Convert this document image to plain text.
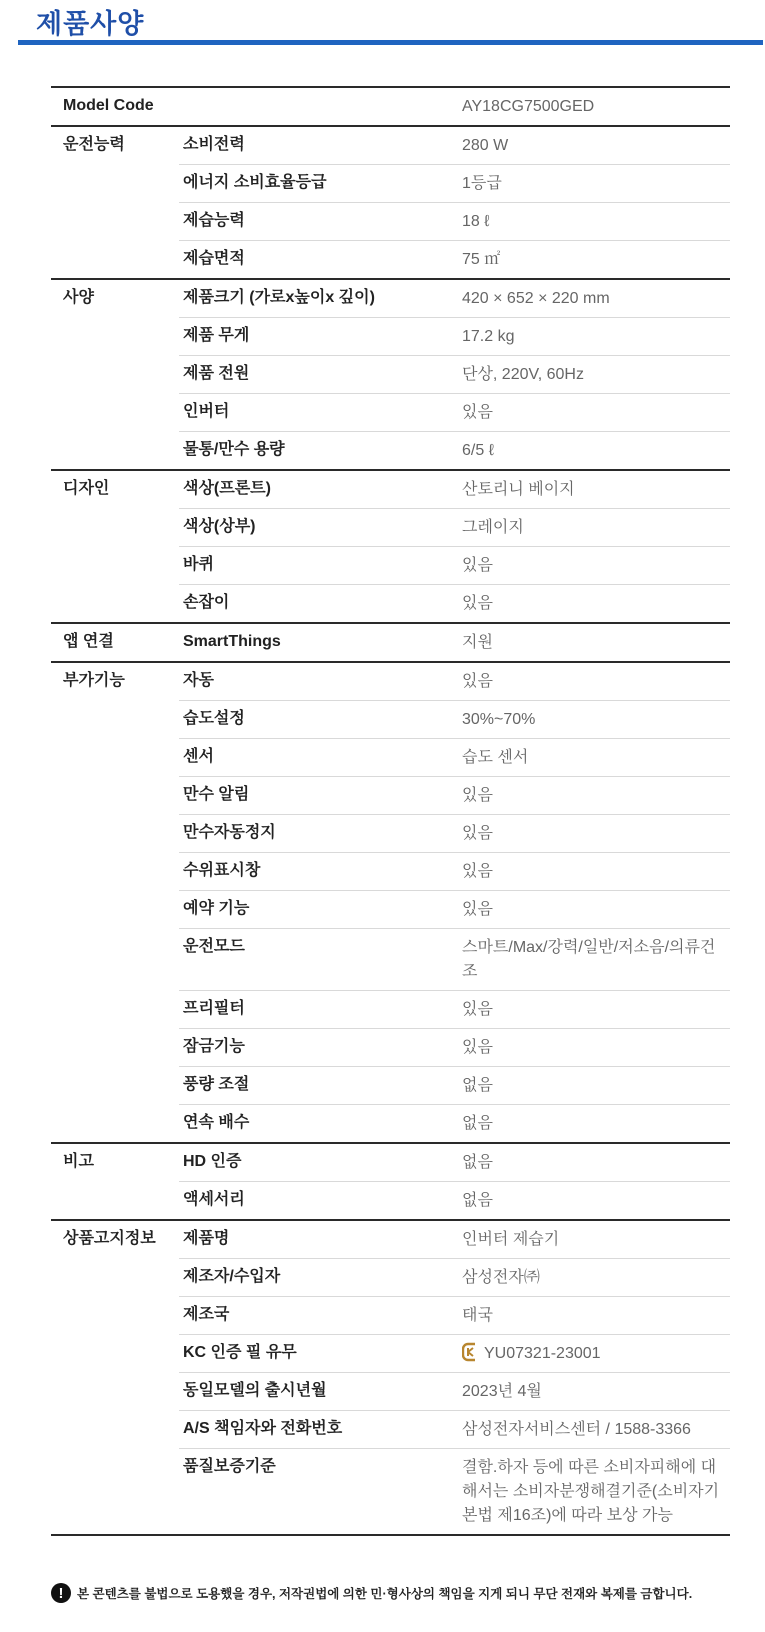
제품사양
Model Code	AY18CG7500GED
운전능력	소비전력	280 W
에너지 소비효율등급	1등급
제습능력	18 ℓ
제습면적	75 ㎡
사양	제품크기 (가로x높이x 깊이)	420 × 652 × 220 mm
제품 무게	17.2 kg
제품 전원	단상, 220V, 60Hz
인버터	있음
물통/만수 용량	6/5 ℓ
디자인	색상(프론트)	산토리니 베이지
색상(상부)	그레이지
바퀴	있음
손잡이	있음
앱 연결	SmartThings	지원
부가기능	자동	있음
습도설정	30%~70%
센서	습도 센서
만수 알림	있음
만수자동정지	있음
수위표시창	있음
예약 기능	있음
운전모드	스마트/Max/강력/일반/저소음/의류건조
프리필터	있음
잠금기능	있음
풍량 조절	없음
연속 배수	없음
비고	HD 인증	없음
액세서리	없음
상품고지정보	제품명	인버터 제습기
제조자/수입자	삼성전자㈜
제조국	태국
KC 인증 필 유무	YU07321-23001
동일모델의 출시년월	2023년 4월
A/S 책임자와 전화번호	삼성전자서비스센터 / 1588-3366
품질보증기준	결함.하자 등에 따른 소비자피해에 대해서는 소비자분쟁해결기준(소비자기본법 제16조)에 따라 보상 가능
!	본 콘텐츠를 불법으로 도용했을 경우, 저작권법에 의한 민·형사상의 책임을 지게 되니 무단 전재와 복제를 금합니다.
